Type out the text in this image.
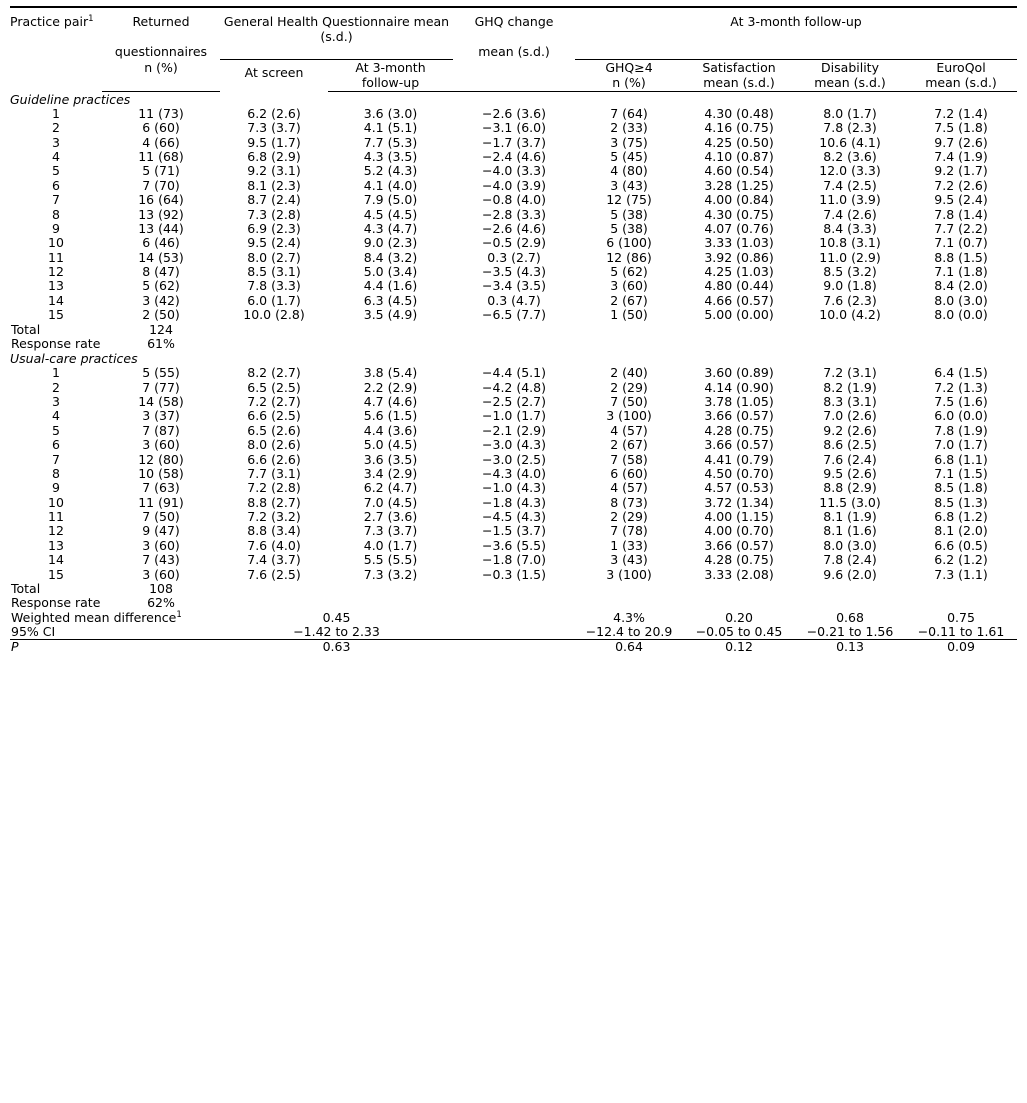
Practice pair$^1$	Returned	General Health Questionnaire mean (s.d.)		GHQ change	At 3-month follow-up			
	questionnaires			mean (s.d.)				

	n (%)	At screen	At 3-month		GHQ≥4	Satisfaction	Disability	EuroQol
			follow-up		n (%)	mean (s.d.)	mean (s.d.)	mean (s.d.)
Guideline practices								
1	11 (73)	6.2 (2.6)	3.6 (3.0)	−2.6 (3.6)	7 (64)	4.30 (0.48)	8.0 (1.7)	7.2 (1.4)
2	6 (60)	7.3 (3.7)	4.1 (5.1)	−3.1 (6.0)	2 (33)	4.16 (0.75)	7.8 (2.3)	7.5 (1.8)
3	4 (66)	9.5 (1.7)	7.7 (5.3)	−1.7 (3.7)	3 (75)	4.25 (0.50)	10.6 (4.1)	9.7 (2.6)
4	11 (68)	6.8 (2.9)	4.3 (3.5)	−2.4 (4.6)	5 (45)	4.10 (0.87)	8.2 (3.6)	7.4 (1.9)
5	5 (71)	9.2 (3.1)	5.2 (4.3)	−4.0 (3.3)	4 (80)	4.60 (0.54)	12.0 (3.3)	9.2 (1.7)
6	7 (70)	8.1 (2.3)	4.1 (4.0)	−4.0 (3.9)	3 (43)	3.28 (1.25)	7.4 (2.5)	7.2 (2.6)
7	16 (64)	8.7 (2.4)	7.9 (5.0)	−0.8 (4.0)	12 (75)	4.00 (0.84)	11.0 (3.9)	9.5 (2.4)
8	13 (92)	7.3 (2.8)	4.5 (4.5)	−2.8 (3.3)	5 (38)	4.30 (0.75)	7.4 (2.6)	7.8 (1.4)
9	13 (44)	6.9 (2.3)	4.3 (4.7)	−2.6 (4.6)	5 (38)	4.07 (0.76)	8.4 (3.3)	7.7 (2.2)
10	6 (46)	9.5 (2.4)	9.0 (2.3)	−0.5 (2.9)	6 (100)	3.33 (1.03)	10.8 (3.1)	7.1 (0.7)
11	14 (53)	8.0 (2.7)	8.4 (3.2)	0.3 (2.7)	12 (86)	3.92 (0.86)	11.0 (2.9)	8.8 (1.5)
12	8 (47)	8.5 (3.1)	5.0 (3.4)	−3.5 (4.3)	5 (62)	4.25 (1.03)	8.5 (3.2)	7.1 (1.8)
13	5 (62)	7.8 (3.3)	4.4 (1.6)	−3.4 (3.5)	3 (60)	4.80 (0.44)	9.0 (1.8)	8.4 (2.0)
14	3 (42)	6.0 (1.7)	6.3 (4.5)	0.3 (4.7)	2 (67)	4.66 (0.57)	7.6 (2.3)	8.0 (3.0)
15	2 (50)	10.0 (2.8)	3.5 (4.9)	−6.5 (7.7)	1 (50)	5.00 (0.00)	10.0 (4.2)	8.0 (0.0)
Total	124							
Response rate	61%							
Usual-care practices								
1	5 (55)	8.2 (2.7)	3.8 (5.4)	−4.4 (5.1)	2 (40)	3.60 (0.89)	7.2 (3.1)	6.4 (1.5)
2	7 (77)	6.5 (2.5)	2.2 (2.9)	−4.2 (4.8)	2 (29)	4.14 (0.90)	8.2 (1.9)	7.2 (1.3)
3	14 (58)	7.2 (2.7)	4.7 (4.6)	−2.5 (2.7)	7 (50)	3.78 (1.05)	8.3 (3.1)	7.5 (1.6)
4	3 (37)	6.6 (2.5)	5.6 (1.5)	−1.0 (1.7)	3 (100)	3.66 (0.57)	7.0 (2.6)	6.0 (0.0)
5	7 (87)	6.5 (2.6)	4.4 (3.6)	−2.1 (2.9)	4 (57)	4.28 (0.75)	9.2 (2.6)	7.8 (1.9)
6	3 (60)	8.0 (2.6)	5.0 (4.5)	−3.0 (4.3)	2 (67)	3.66 (0.57)	8.6 (2.5)	7.0 (1.7)
7	12 (80)	6.6 (2.6)	3.6 (3.5)	−3.0 (2.5)	7 (58)	4.41 (0.79)	7.6 (2.4)	6.8 (1.1)
8	10 (58)	7.7 (3.1)	3.4 (2.9)	−4.3 (4.0)	6 (60)	4.50 (0.70)	9.5 (2.6)	7.1 (1.5)
9	7 (63)	7.2 (2.8)	6.2 (4.7)	−1.0 (4.3)	4 (57)	4.57 (0.53)	8.8 (2.9)	8.5 (1.8)
10	11 (91)	8.8 (2.7)	7.0 (4.5)	−1.8 (4.3)	8 (73)	3.72 (1.34)	11.5 (3.0)	8.5 (1.3)
11	7 (50)	7.2 (3.2)	2.7 (3.6)	−4.5 (4.3)	2 (29)	4.00 (1.15)	8.1 (1.9)	6.8 (1.2)
12	9 (47)	8.8 (3.4)	7.3 (3.7)	−1.5 (3.7)	7 (78)	4.00 (0.70)	8.1 (1.6)	8.1 (2.0)
13	3 (60)	7.6 (4.0)	4.0 (1.7)	−3.6 (5.5)	1 (33)	3.66 (0.57)	8.0 (3.0)	6.6 (0.5)
14	7 (43)	7.4 (3.7)	5.5 (5.5)	−1.8 (7.0)	3 (43)	4.28 (0.75)	7.8 (2.4)	6.2 (1.2)
15	3 (60)	7.6 (2.5)	7.3 (3.2)	−0.3 (1.5)	3 (100)	3.33 (2.08)	9.6 (2.0)	7.3 (1.1)
Total	108							
Response rate	62%							
Weighted mean difference$^1$		0.45			4.3%	0.20	0.68	0.75
95% CI		−1.42 to 2.33			−12.4 to 20.9	−0.05 to 0.45	−0.21 to 1.56	−0.11 to 1.61
P		0.63			0.64	0.12	0.13	0.09
